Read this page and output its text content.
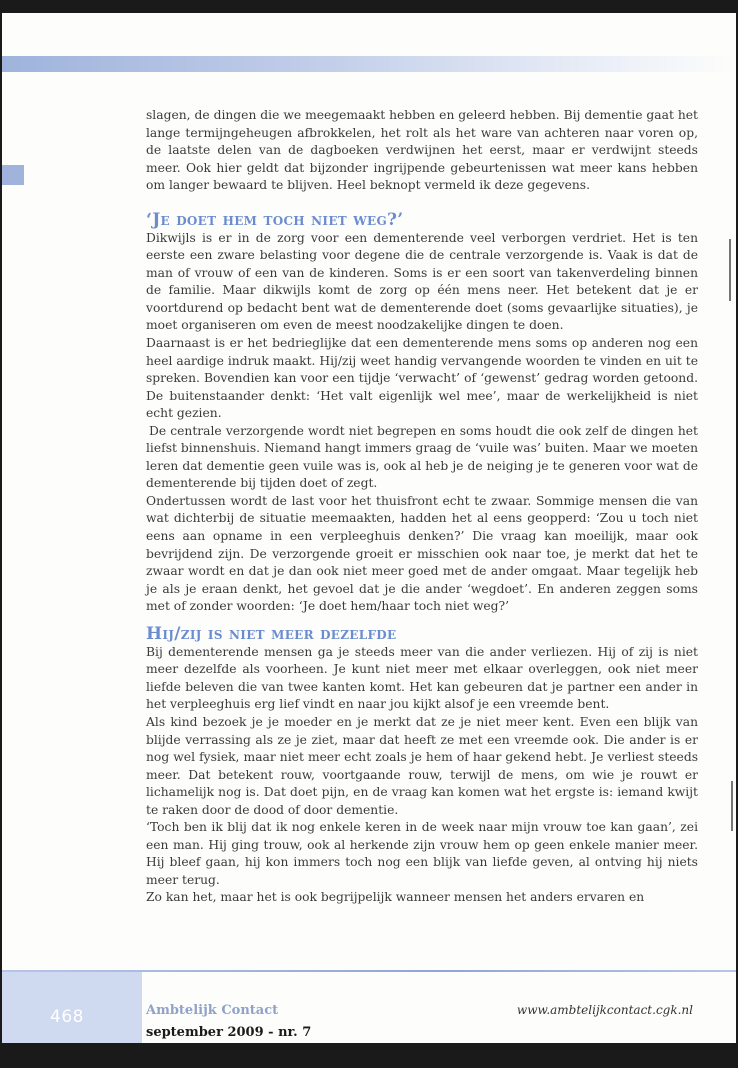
slagen, de dingen die we meegemaakt hebben en geleerd hebben. Bij dementie gaat het lange termijngeheugen afbrokkelen, het rolt als het ware van achteren naar voren op, de laatste delen van de dagboeken verdwijnen het eerst, maar er verdwijnt steeds meer. Ook hier geldt dat bijzonder ingrijpende gebeurtenissen wat meer kans hebben om langer bewaard te blijven. Heel beknopt vermeld ik deze gegevens.

‘Je doet hem toch niet weg?’

Dikwijls is er in de zorg voor een dementerende veel verborgen verdriet. Het is ten eerste een zware belasting voor degene die de centrale verzorgende is. Vaak is dat de man of vrouw of een van de kinderen. Soms is er een soort van takenverdeling binnen de familie. Maar dikwijls komt de zorg op één mens neer. Het betekent dat je er voortdurend op bedacht bent wat de dementerende doet (soms gevaarlijke situaties), je moet organiseren om even de meest noodzakelijke dingen te doen.

Daarnaast is er het bedrieglijke dat een dementerende mens soms op anderen nog een heel aardige indruk maakt. Hij/zij weet handig vervangende woorden te vinden en uit te spreken. Bovendien kan voor een tijdje ‘verwacht’ of ‘gewenst’ gedrag worden getoond. De buitenstaander denkt: ‘Het valt eigenlijk wel mee’, maar de werkelijkheid is niet echt gezien.

De centrale verzorgende wordt niet begrepen en soms houdt die ook zelf de dingen het liefst binnenshuis. Niemand hangt immers graag de ‘vuile was’ buiten. Maar we moeten leren dat dementie geen vuile was is, ook al heb je de neiging je te generen voor wat de dementerende bij tijden doet of zegt.

Ondertussen wordt de last voor het thuisfront echt te zwaar. Sommige mensen die van wat dichterbij de situatie meemaakten, hadden het al eens geopperd: ‘Zou u toch niet eens aan opname in een verpleeghuis denken?’ Die vraag kan moeilijk, maar ook bevrijdend zijn. De verzorgende groeit er misschien ook naar toe, je merkt dat het te zwaar wordt en dat je dan ook niet meer goed met de ander omgaat. Maar tegelijk heb je als je eraan denkt, het gevoel dat je die ander ‘wegdoet’. En anderen zeggen soms met of zonder woorden: ‘Je doet hem/haar toch niet weg?’

Hij/zij is niet meer dezelfde

Bij dementerende mensen ga je steeds meer van die ander verliezen. Hij of zij is niet meer dezelfde als voorheen. Je kunt niet meer met elkaar overleggen, ook niet meer liefde beleven die van twee kanten komt. Het kan gebeuren dat je partner een ander in het verpleeghuis erg lief vindt en naar jou kijkt alsof je een vreemde bent.

Als kind bezoek je je moeder en je merkt dat ze je niet meer kent. Even een blijk van blijde verrassing als ze je ziet, maar dat heeft ze met een vreemde ook. Die ander is er nog wel fysiek, maar niet meer echt zoals je hem of haar gekend hebt. Je verliest steeds meer. Dat betekent rouw, voortgaande rouw, terwijl de mens, om wie je rouwt er lichamelijk nog is. Dat doet pijn, en de vraag kan komen wat het ergste is: iemand kwijt te raken door de dood of door dementie.

‘Toch ben ik blij dat ik nog enkele keren in de week naar mijn vrouw toe kan gaan’, zei een man. Hij ging trouw, ook al herkende zijn vrouw hem op geen enkele manier meer. Hij bleef gaan, hij kon immers toch nog een blijk van liefde geven, al ontving hij niets meer terug.

Zo kan het, maar het is ook begrijpelijk wanneer mensen het anders ervaren en

468	Ambtelijk Contact
september 2009 - nr. 7
www.ambtelijkcontact.cgk.nl
